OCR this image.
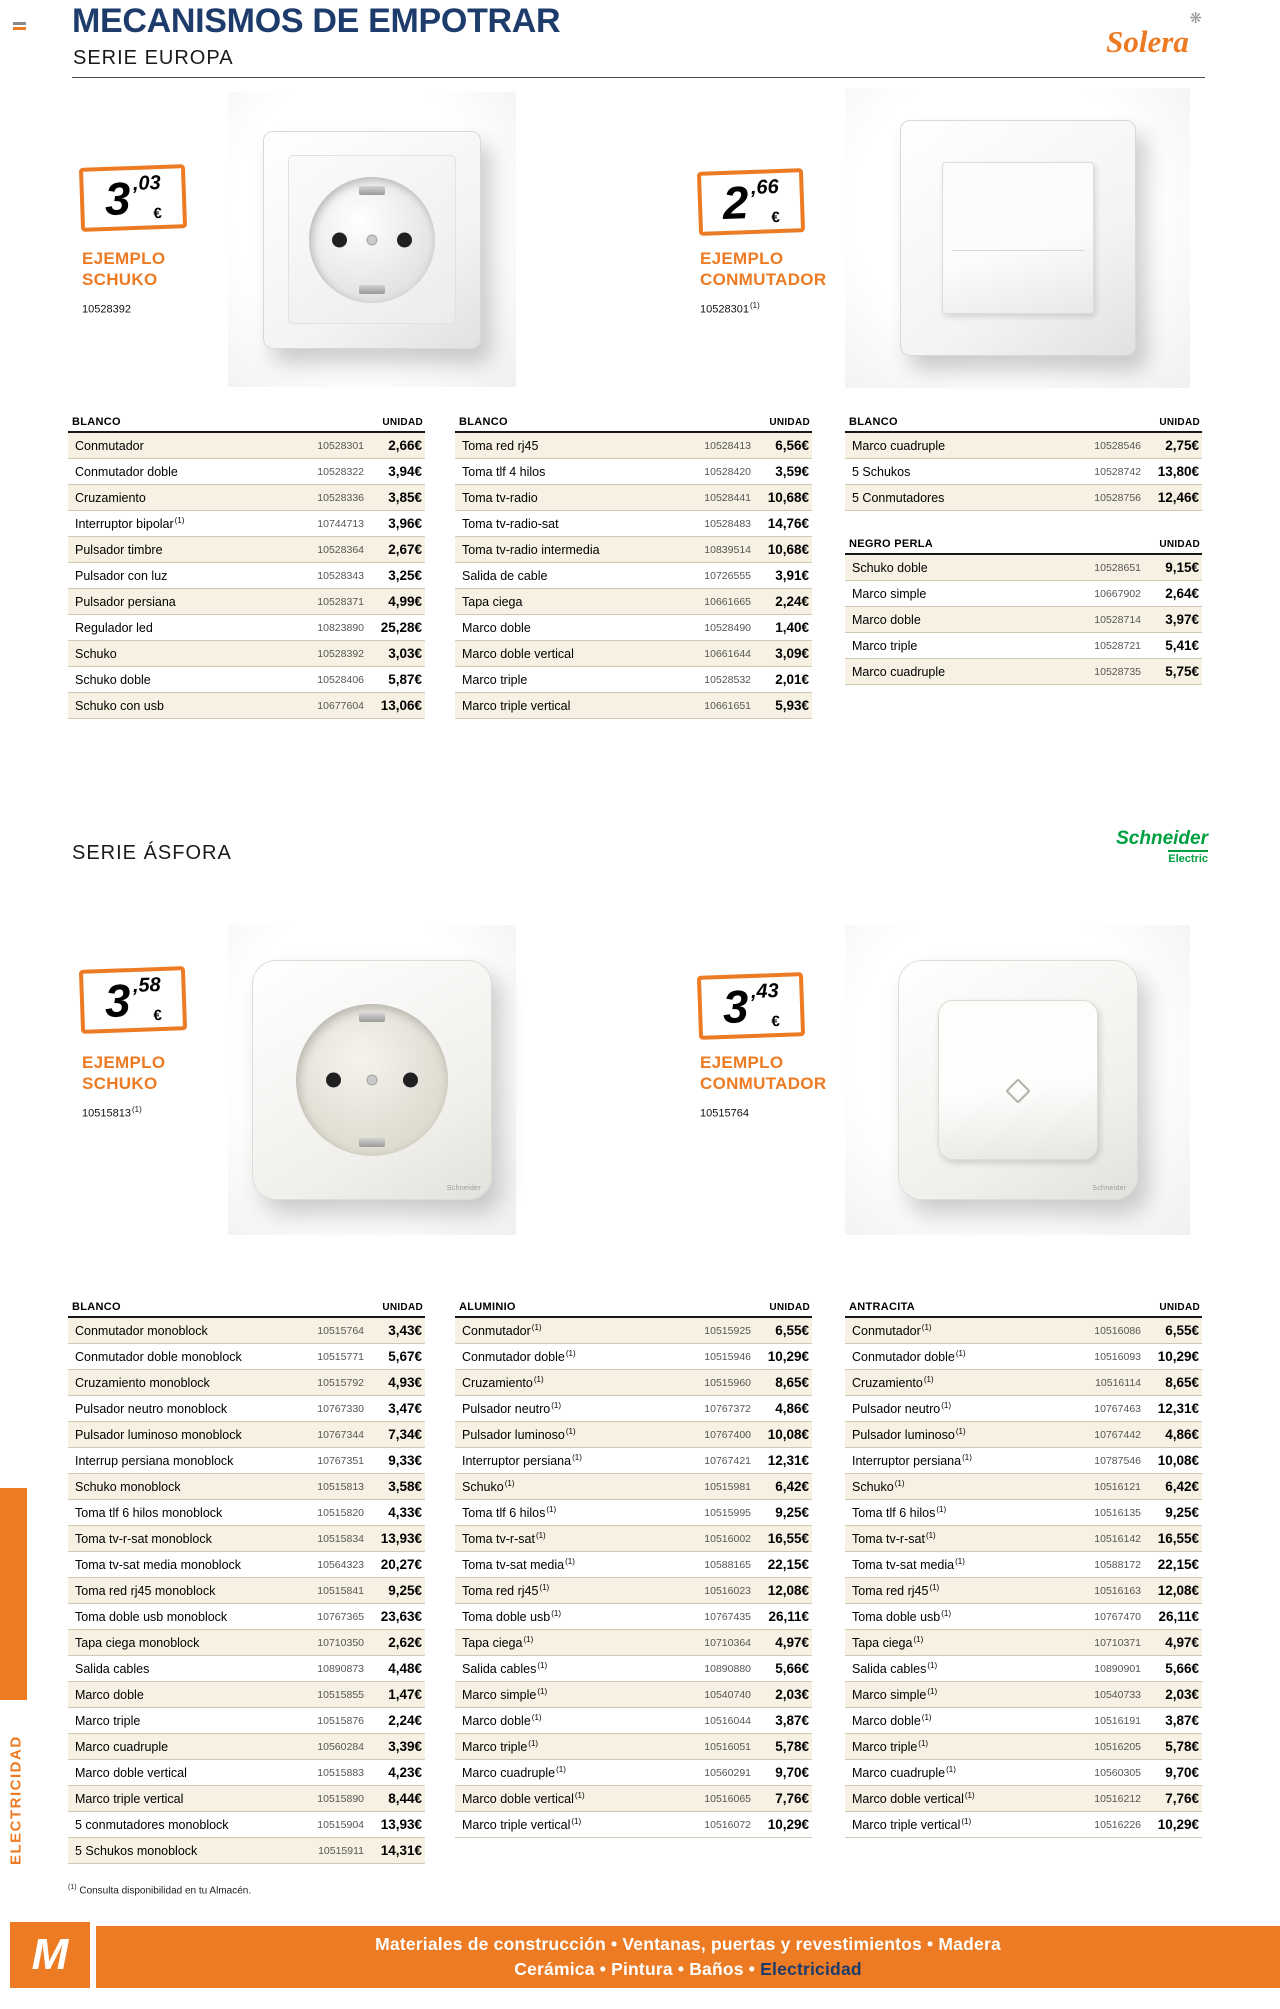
MECANISMOS DE EMPOTRAR
SERIE EUROPA
❋
Solera
3 ,03
€
EJEMPLO
SCHUKO
10528392
2 ,66
€
EJEMPLO
CONMUTADOR
10528301$^{(1)}$
BLANCO	UNIDAD
Conmutador	10528301	2,66€
Conmutador doble	10528322	3,94€
Cruzamiento	10528336	3,85€
Interruptor bipolar$^{(1)}$	10744713	3,96€
Pulsador timbre	10528364	2,67€
Pulsador con luz	10528343	3,25€
Pulsador persiana	10528371	4,99€
Regulador led	10823890	25,28€
Schuko	10528392	3,03€
Schuko doble	10528406	5,87€
Schuko con usb	10677604	13,06€
BLANCO	UNIDAD
Toma red rj45	10528413	6,56€
Toma tlf 4 hilos	10528420	3,59€
Toma tv-radio	10528441	10,68€
Toma tv-radio-sat	10528483	14,76€
Toma tv-radio intermedia	10839514	10,68€
Salida de cable	10726555	3,91€
Tapa ciega	10661665	2,24€
Marco doble	10528490	1,40€
Marco doble vertical	10661644	3,09€
Marco triple	10528532	2,01€
Marco triple vertical	10661651	5,93€
BLANCO	UNIDAD
Marco cuadruple	10528546	2,75€
5 Schukos	10528742	13,80€
5 Conmutadores	10528756	12,46€
NEGRO PERLA	UNIDAD
Schuko doble	10528651	9,15€
Marco simple	10667902	2,64€
Marco doble	10528714	3,97€
Marco triple	10528721	5,41€
Marco cuadruple	10528735	5,75€
SERIE ÁSFORA
Schneider
Electric
3 ,58
€
EJEMPLO
SCHUKO
10515813$^{(1)}$
Schneider
3 ,43
€
EJEMPLO
CONMUTADOR
10515764
Schneider
BLANCO	UNIDAD
Conmutador monoblock	10515764	3,43€
Conmutador doble monoblock	10515771	5,67€
Cruzamiento monoblock	10515792	4,93€
Pulsador neutro monoblock	10767330	3,47€
Pulsador luminoso monoblock	10767344	7,34€
Interrup persiana monoblock	10767351	9,33€
Schuko monoblock	10515813	3,58€
Toma tlf 6 hilos monoblock	10515820	4,33€
Toma tv-r-sat monoblock	10515834	13,93€
Toma tv-sat media monoblock	10564323	20,27€
Toma red rj45 monoblock	10515841	9,25€
Toma doble usb monoblock	10767365	23,63€
Tapa ciega monoblock	10710350	2,62€
Salida cables	10890873	4,48€
Marco doble	10515855	1,47€
Marco triple	10515876	2,24€
Marco cuadruple	10560284	3,39€
Marco doble vertical	10515883	4,23€
Marco triple vertical	10515890	8,44€
5 conmutadores monoblock	10515904	13,93€
5 Schukos monoblock	10515911	14,31€
ALUMINIO	UNIDAD
Conmutador$^{(1)}$	10515925	6,55€
Conmutador doble$^{(1)}$	10515946	10,29€
Cruzamiento$^{(1)}$	10515960	8,65€
Pulsador neutro$^{(1)}$	10767372	4,86€
Pulsador luminoso$^{(1)}$	10767400	10,08€
Interruptor persiana$^{(1)}$	10767421	12,31€
Schuko$^{(1)}$	10515981	6,42€
Toma tlf 6 hilos$^{(1)}$	10515995	9,25€
Toma tv-r-sat$^{(1)}$	10516002	16,55€
Toma tv-sat media$^{(1)}$	10588165	22,15€
Toma red rj45$^{(1)}$	10516023	12,08€
Toma doble usb$^{(1)}$	10767435	26,11€
Tapa ciega$^{(1)}$	10710364	4,97€
Salida cables$^{(1)}$	10890880	5,66€
Marco simple$^{(1)}$	10540740	2,03€
Marco doble$^{(1)}$	10516044	3,87€
Marco triple$^{(1)}$	10516051	5,78€
Marco cuadruple$^{(1)}$	10560291	9,70€
Marco doble vertical$^{(1)}$	10516065	7,76€
Marco triple vertical$^{(1)}$	10516072	10,29€
ANTRACITA	UNIDAD
Conmutador$^{(1)}$	10516086	6,55€
Conmutador doble$^{(1)}$	10516093	10,29€
Cruzamiento$^{(1)}$	10516114	8,65€
Pulsador neutro$^{(1)}$	10767463	12,31€
Pulsador luminoso$^{(1)}$	10767442	4,86€
Interruptor persiana$^{(1)}$	10787546	10,08€
Schuko$^{(1)}$	10516121	6,42€
Toma tlf 6 hilos$^{(1)}$	10516135	9,25€
Toma tv-r-sat$^{(1)}$	10516142	16,55€
Toma tv-sat media$^{(1)}$	10588172	22,15€
Toma red rj45$^{(1)}$	10516163	12,08€
Toma doble usb$^{(1)}$	10767470	26,11€
Tapa ciega$^{(1)}$	10710371	4,97€
Salida cables$^{(1)}$	10890901	5,66€
Marco simple$^{(1)}$	10540733	2,03€
Marco doble$^{(1)}$	10516191	3,87€
Marco triple$^{(1)}$	10516205	5,78€
Marco cuadruple$^{(1)}$	10560305	9,70€
Marco doble vertical$^{(1)}$	10516212	7,76€
Marco triple vertical$^{(1)}$	10516226	10,29€
$^{(1)}$ Consulta disponibilidad en tu Almacén.
ELECTRICIDAD
M	Materiales de construcción • Ventanas, puertas y revestimientos • Madera
Cerámica • Pintura • Baños • Electricidad
